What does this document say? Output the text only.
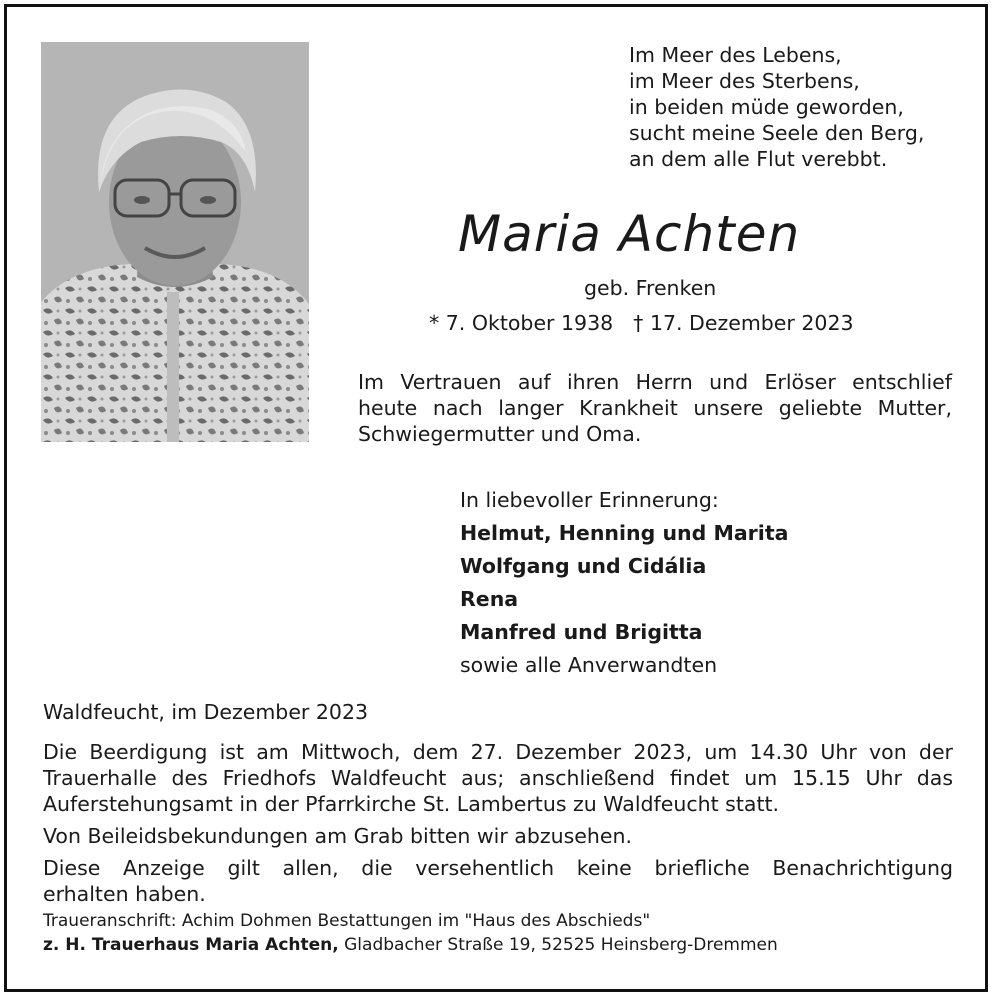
Im Meer des Lebens,
im Meer des Sterbens,
in beiden müde geworden,
sucht meine Seele den Berg,
an dem alle Flut verebbt.
Maria Achten
geb. Frenken
* 7. Oktober 1938 † 17. Dezember 2023
Im Vertrauen auf ihren Herrn und Erlöser entschlief
heute nach langer Krankheit unsere geliebte Mutter,
Schwiegermutter und Oma.
In liebevoller Erinnerung:
Helmut, Henning und Marita
Wolfgang und Cidália
Rena
Manfred und Brigitta
sowie alle Anverwandten
Waldfeucht, im Dezember 2023
Die Beerdigung ist am Mittwoch, dem 27. Dezember 2023, um 14.30 Uhr von der
Trauerhalle des Friedhofs Waldfeucht aus; anschließend findet um 15.15 Uhr das
Auferstehungsamt in der Pfarrkirche St. Lambertus zu Waldfeucht statt.
Von Beileidsbekundungen am Grab bitten wir abzusehen.
Diese Anzeige gilt allen, die versehentlich keine briefliche Benachrichtigung
erhalten haben.
Traueranschrift: Achim Dohmen Bestattungen im "Haus des Abschieds"
z. H. Trauerhaus Maria Achten, Gladbacher Straße 19, 52525 Heinsberg-Dremmen
